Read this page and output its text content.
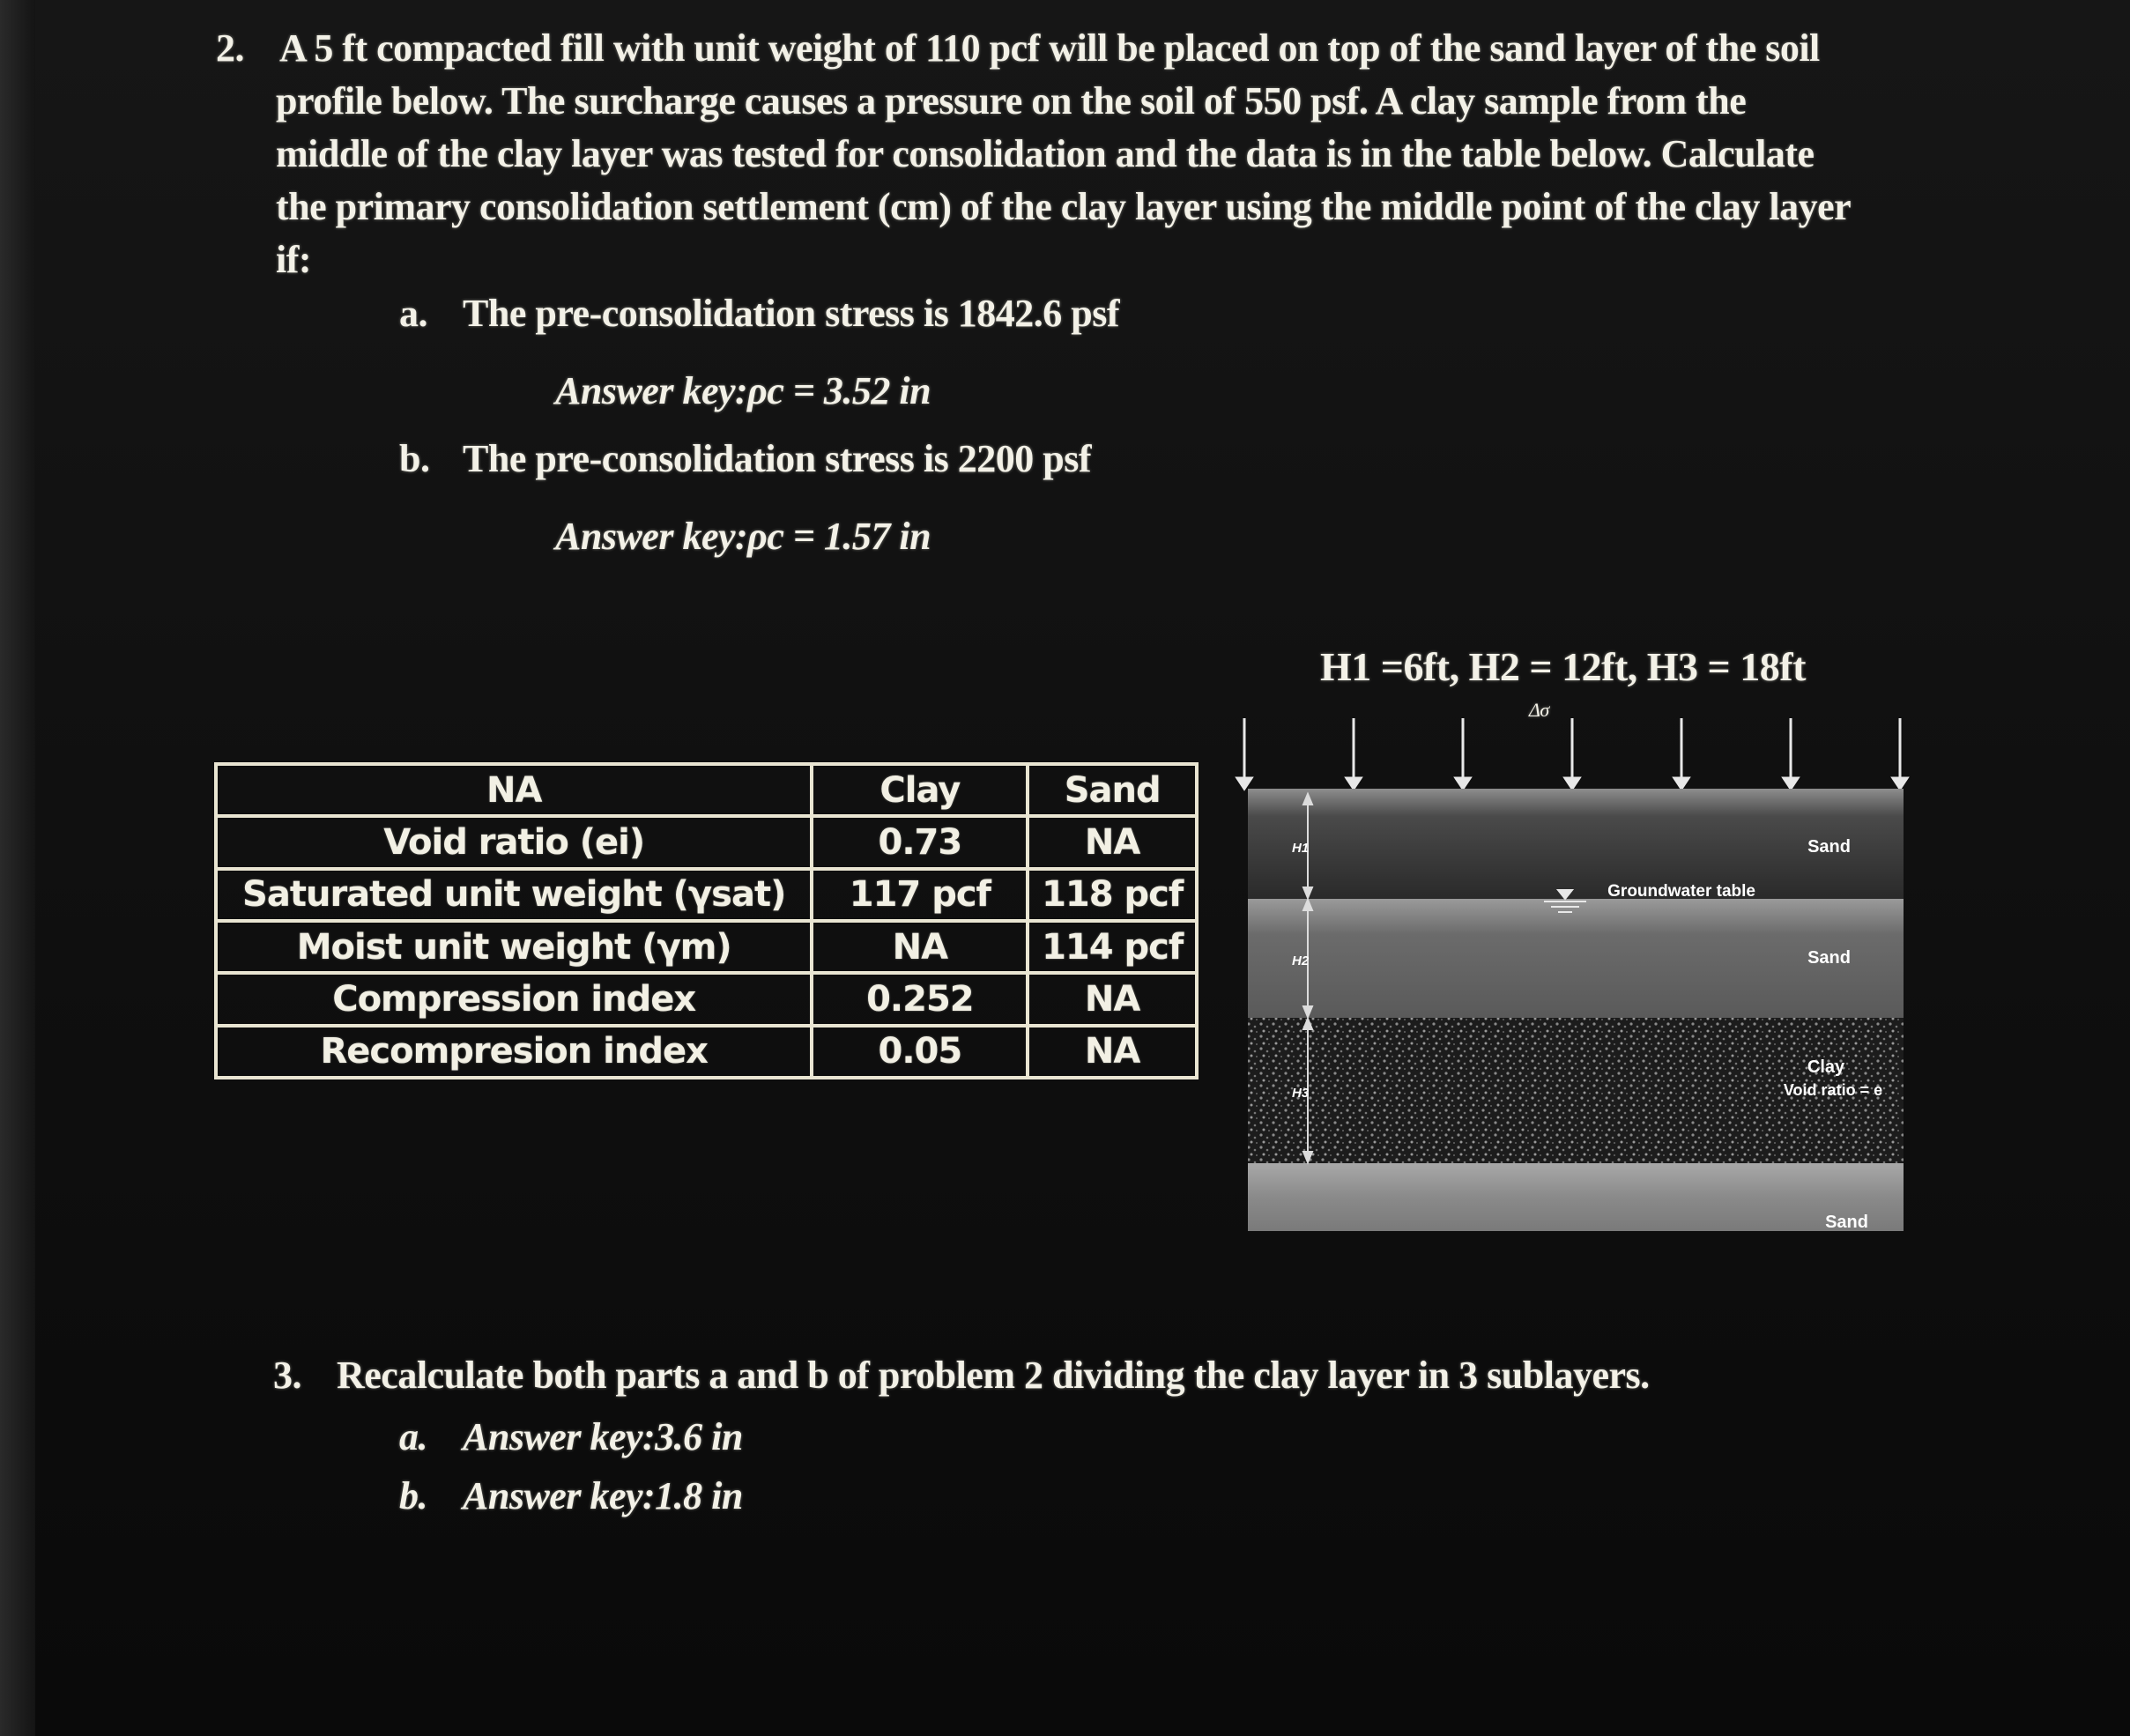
2. A 5 ft compacted fill with unit weight of 110 pcf will be placed on top of the sand layer of the soil
profile below. The surcharge causes a pressure on the soil of 550 psf. A clay sample from the
middle of the clay layer was tested for consolidation and the data is in the table below. Calculate
the primary consolidation settlement (cm) of the clay layer using the middle point of the clay layer
if:
a. The pre-consolidation stress is 1842.6 psf
Answer key:ρc = 3.52 in
b. The pre-consolidation stress is 2200 psf
Answer key:ρc = 1.57 in
NA	Clay	Sand
Void ratio (ei)	0.73	NA
Saturated unit weight (γsat)	117 pcf	118 pcf
Moist unit weight (γm)	NA	114 pcf
Compression index	0.252	NA
Recompresion index	0.05	NA
H1 =6ft, H2 = 12ft, H3 = 18ft
Δσ
H1
H2
H3
Sand
Groundwater table
Sand
Clay
Void ratio = e
Sand
3. Recalculate both parts a and b of problem 2 dividing the clay layer in 3 sublayers.
a. Answer key:3.6 in
b. Answer key:1.8 in
